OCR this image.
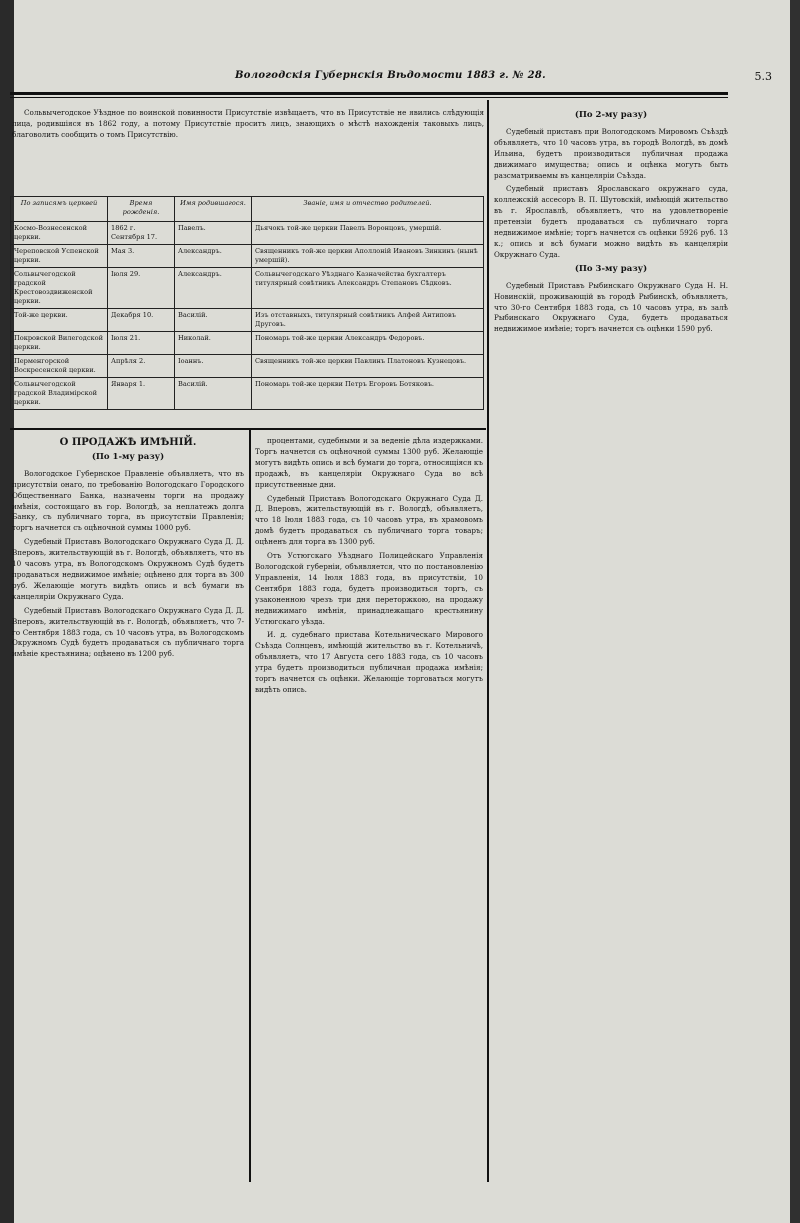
Вологодскія Губернскія Вѣдомости 1883 г. № 28.	5.3

Сольвычегодское Уѣздное по воинской повинности Присутствіе извѣщаетъ, что въ Присутствіе не явились слѣдующія лица, родившіяся въ 1862 году, а потому Присутствіе проситъ лицъ, знающихъ о мѣстѣ нахожденія таковыхъ лицъ, благоволить сообщить о томъ Присутствію.

По записямъ церквей	Время рожденія.	Имя родившагося.	Званіе, имя и отчество родителей.
Космо-Вознесенской церкви.	1862 г. Сентября 17.	Павелъ.	Дьячокъ той-же церкви Павелъ Воронцовъ, умершій.
Череповской Успенской церкви.	Мая 3.	Александръ.	Священникъ той-же церкви Аполлоній Ивановъ Зинкинъ (нынѣ умершій).
Сольвычегодской градской Крестовоздвиженской церкви.	Іюля 29.	Александръ.	Сольвычегодскаго Уѣзднаго Казначейства бухгалтеръ титулярный совѣтникъ Александръ Степановъ Сѣдковъ.
Той-же церкви.	Декабря 10.	Василій.	Изъ отставныхъ, титулярный совѣтникъ Алфей Антиповъ Друговъ.
Покровской Вилегодской церкви.	Іюля 21.	Николай.	Пономарь той-же церкви Александръ Федоровъ.
Перменгорской Воскресенской церкви.	Апрѣля 2.	Іоаннъ.	Священникъ той-же церкви Павлинъ Платоновъ Кузнецовъ.
Сольвычегодской градской Владимірской церкви.	Января 1.	Василій.	Пономарь той-же церкви Петръ Егоровъ Ботяковъ.
О ПРОДАЖѢ ИМѢНІЙ.
(По 1-му разу)

Вологодское Губернское Правленіе объявляетъ, что въ присутствіи онаго, по требованію Вологодскаго Городского Общественнаго Банка, назначены торги на продажу имѣнія, состоящаго въ гор. Вологдѣ, за неплатежъ долга Банку, съ публичнаго торга, въ присутствіи Правленія; торгъ начнется съ оцѣночной суммы 1000 руб.

Судебный Приставъ Вологодскаго Окружнаго Суда Д. Д. Вперовъ, жительствующій въ г. Вологдѣ, объявляетъ, что въ 10 часовъ утра, въ Вологодскомъ Окружномъ Судѣ будетъ продаваться недвижимое имѣніе; оцѣнено для торга въ 300 руб. Желающіе могутъ видѣть опись и всѣ бумаги въ канцеляріи Окружнаго Суда.

Судебный Приставъ Вологодскаго Окружнаго Суда Д. Д. Вперовъ, жительствующій въ г. Вологдѣ, объявляетъ, что 7-го Сентября 1883 года, съ 10 часовъ утра, въ Вологодскомъ Окружномъ Судѣ будетъ продаваться съ публичнаго торга имѣніе крестьянина; оцѣнено въ 1200 руб.

процентами, судебными и за веденіе дѣла издержками. Торгъ начнется съ оцѣночной суммы 1300 руб. Желающіе могутъ видѣть опись и всѣ бумаги до торга, относящіяся къ продажѣ, въ канцеляріи Окружнаго Суда во всѣ присутственные дни.

Судебный Приставъ Вологодскаго Окружнаго Суда Д. Д. Вперовъ, жительствующій въ г. Вологдѣ, объявляетъ, что 18 Іюля 1883 года, съ 10 часовъ утра, въ храмовомъ домѣ будетъ продаваться съ публичнаго торга товаръ; оцѣненъ для торга въ 1300 руб.

Отъ Устюгскаго Уѣзднаго Полицейскаго Управленія Вологодской губерніи, объявляется, что по постановленію Управленія, 14 Іюля 1883 года, въ присутствіи, 10 Сентября 1883 года, будетъ производиться торгъ, съ узаконенною чрезъ три дня переторжкою, на продажу недвижимаго имѣнія, принадлежащаго крестьянину Устюгскаго уѣзда.

И. д. судебнаго пристава Котельническаго Мирового Съѣзда Солнцевъ, имѣющій жительство въ г. Котельничѣ, объявляетъ, что 17 Августа сего 1883 года, съ 10 часовъ утра будетъ производиться публичная продажа имѣнія; торгъ начнется съ оцѣнки. Желающіе торговаться могутъ видѣть опись.

(По 2-му разу)

Судебный приставъ при Вологодскомъ Мировомъ Съѣздѣ объявляетъ, что 10 часовъ утра, въ городѣ Вологдѣ, въ домѣ Ильина, будетъ производиться публичная продажа движимаго имущества; опись и оцѣнка могутъ быть разсматриваемы въ канцеляріи Съѣзда.

Судебный приставъ Ярославскаго окружнаго суда, коллежскій ассесоръ В. П. Шутовскій, имѣющій жительство въ г. Ярославлѣ, объявляетъ, что на удовлетвореніе претензіи будетъ продаваться съ публичнаго торга недвижимое имѣніе; торгъ начнется съ оцѣнки 5926 руб. 13 к.; опись и всѣ бумаги можно видѣть въ канцеляріи Окружнаго Суда.

(По 3-му разу)

Судебный Приставъ Рыбинскаго Окружнаго Суда Н. Н. Новинскій, проживающій въ городѣ Рыбинскѣ, объявляетъ, что 30-го Сентября 1883 года, съ 10 часовъ утра, въ залѣ Рыбинскаго Окружнаго Суда, будетъ продаваться недвижимое имѣніе; торгъ начнется съ оцѣнки 1590 руб.
